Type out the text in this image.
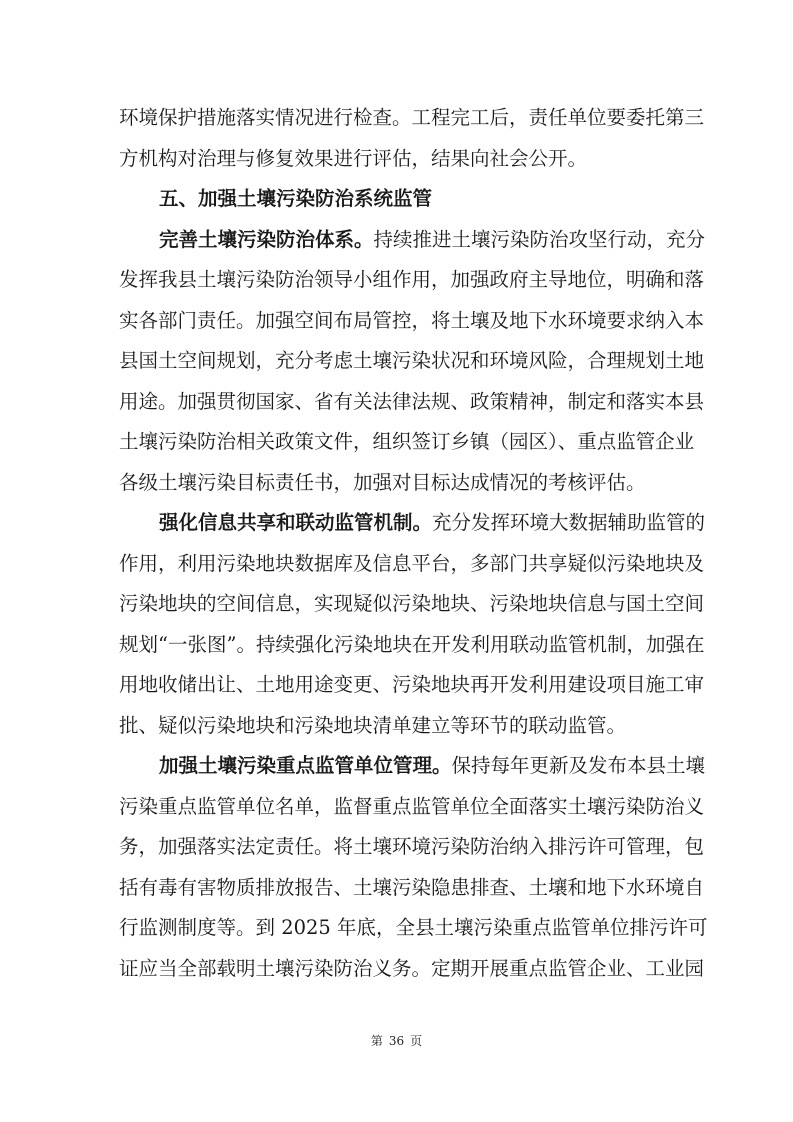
环境保护措施落实情况进行检查。工程完工后，责任单位要委托第三
方机构对治理与修复效果进行评估，结果向社会公开。
五、加强土壤污染防治系统监管
完善土壤污染防治体系。持续推进土壤污染防治攻坚行动，充分
发挥我县土壤污染防治领导小组作用，加强政府主导地位，明确和落
实各部门责任。加强空间布局管控，将土壤及地下水环境要求纳入本
县国土空间规划，充分考虑土壤污染状况和环境风险，合理规划土地
用途。加强贯彻国家、省有关法律法规、政策精神，制定和落实本县
土壤污染防治相关政策文件，组织签订乡镇（园区）、重点监管企业
各级土壤污染目标责任书，加强对目标达成情况的考核评估。
强化信息共享和联动监管机制。充分发挥环境大数据辅助监管的
作用，利用污染地块数据库及信息平台，多部门共享疑似污染地块及
污染地块的空间信息，实现疑似污染地块、污染地块信息与国土空间
规划“一张图”。持续强化污染地块在开发利用联动监管机制，加强在
用地收储出让、土地用途变更、污染地块再开发利用建设项目施工审
批、疑似污染地块和污染地块清单建立等环节的联动监管。
加强土壤污染重点监管单位管理。保持每年更新及发布本县土壤
污染重点监管单位名单，监督重点监管单位全面落实土壤污染防治义
务，加强落实法定责任。将土壤环境污染防治纳入排污许可管理，包
括有毒有害物质排放报告、土壤污染隐患排查、土壤和地下水环境自
行监测制度等。到 2025 年底，全县土壤污染重点监管单位排污许可
证应当全部载明土壤污染防治义务。定期开展重点监管企业、工业园
第 36 页
